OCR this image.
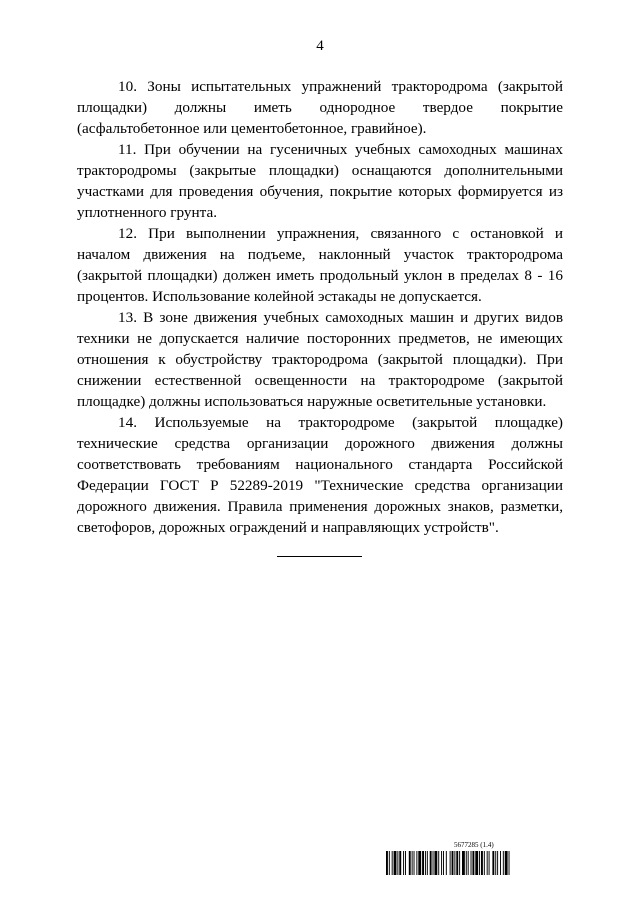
4

10. Зоны испытательных упражнений трактородрома (закрытой площадки) должны иметь однородное твердое покрытие (асфальтобетонное или цементобетонное, гравийное).

11. При обучении на гусеничных учебных самоходных машинах трактородромы (закрытые площадки) оснащаются дополнительными участками для проведения обучения, покрытие которых формируется из уплотненного грунта.

12. При выполнении упражнения, связанного с остановкой и началом движения на подъеме, наклонный участок трактородрома (закрытой площадки) должен иметь продольный уклон в пределах 8 - 16 процентов. Использование колейной эстакады не допускается.

13. В зоне движения учебных самоходных машин и других видов техники не допускается наличие посторонних предметов, не имеющих отношения к обустройству трактородрома (закрытой площадки). При снижении естественной освещенности на трактородроме (закрытой площадке) должны использоваться наружные осветительные установки.

14. Используемые на трактородроме (закрытой площадке) технические средства организации дорожного движения должны соответствовать требованиям национального стандарта Российской Федерации ГОСТ Р 52289-2019 "Технические средства организации дорожного движения. Правила применения дорожных знаков, разметки, светофоров, дорожных ограждений и направляющих устройств".

5677285 (1.4)
